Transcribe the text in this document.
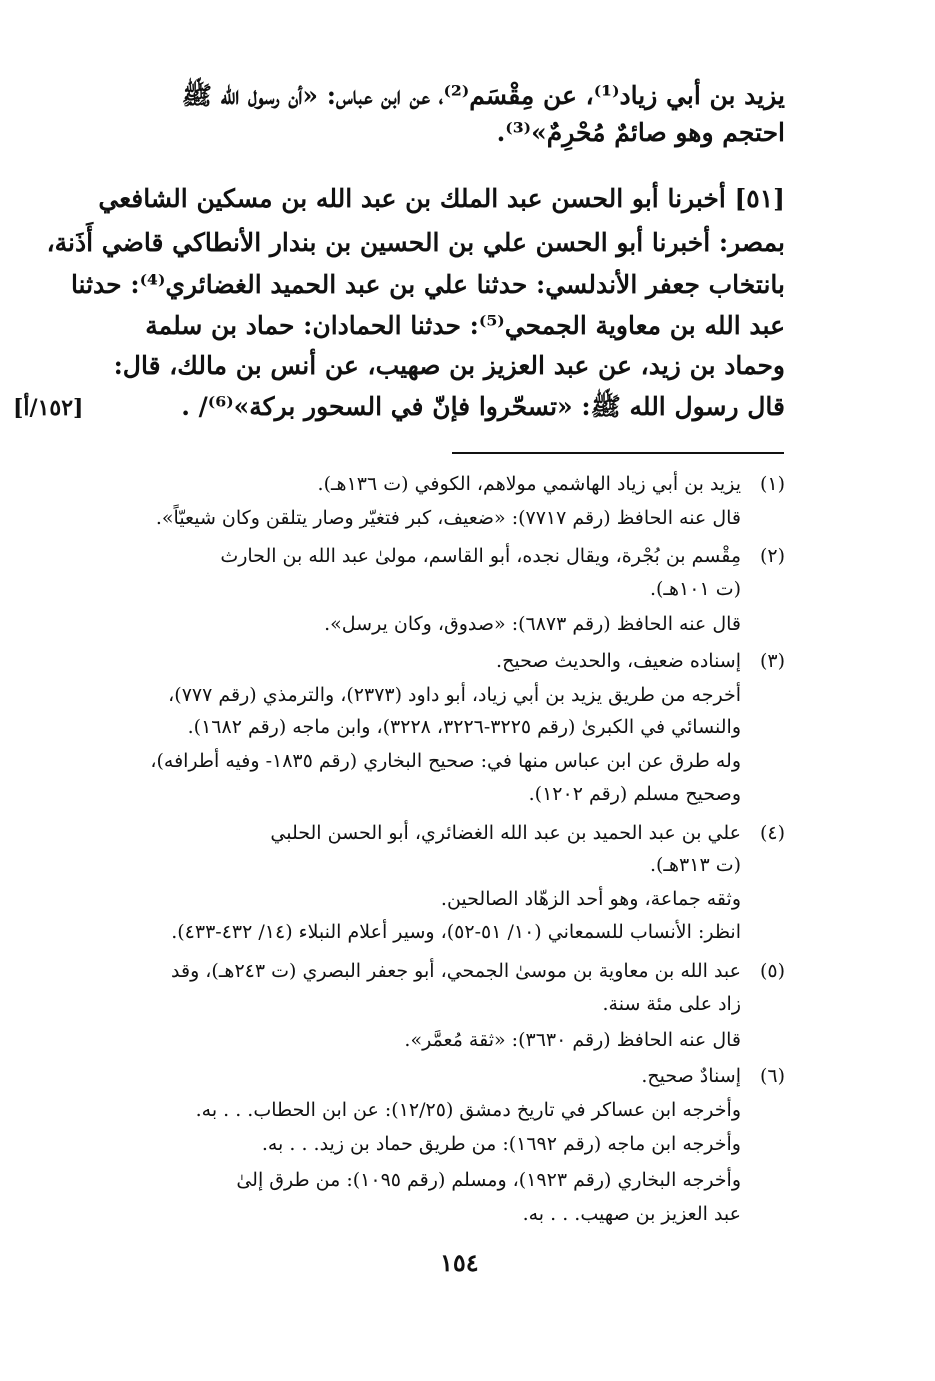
يزيد بن أبي زياد⁽¹⁾، عن مِقْسَم⁽²⁾، عن ابن عباس: «أن رسول الله ﷺ
احتجم وهو صائمٌ مُحْرِمٌ»⁽³⁾.
[٥١] أخبرنا أبو الحسن عبد الملك بن عبد الله بن مسكين الشافعي
بمصر: أخبرنا أبو الحسن علي بن الحسين بن بندار الأنطاكي قاضي أَذَنة،
بانتخاب جعفر الأندلسي: حدثنا علي بن عبد الحميد الغضائري⁽⁴⁾: حدثنا
عبد الله بن معاوية الجمحي⁽⁵⁾: حدثنا الحمادان: حماد بن سلمة
وحماد بن زيد، عن عبد العزيز بن صهيب، عن أنس بن مالك، قال:
قال رسول الله ﷺ: «تسحّروا فإنّ في السحور بركة»⁽⁶⁾/ .
[١٥٢/أ]
(١)
يزيد بن أبي زياد الهاشمي مولاهم، الكوفي (ت ١٣٦هـ).
قال عنه الحافظ (رقم ٧٧١٧): «ضعيف، كبر فتغيّر وصار يتلقن وكان شيعيّاً».
(٢)
مِقْسم بن بُجْرة، ويقال نجده، أبو القاسم، مولىٰ عبد الله بن الحارث
(ت ١٠١هـ).
قال عنه الحافظ (رقم ٦٨٧٣): «صدوق، وكان يرسل».
(٣)
إسناده ضعيف، والحديث صحيح.
أخرجه من طريق يزيد بن أبي زياد، أبو داود (٢٣٧٣)، والترمذي (رقم ٧٧٧)،
والنسائي في الكبرىٰ (رقم ٣٢٢٥-٣٢٢٦، ٣٢٢٨)، وابن ماجه (رقم ١٦٨٢).
وله طرق عن ابن عباس منها في: صحيح البخاري (رقم ١٨٣٥- وفيه أطرافه)،
وصحيح مسلم (رقم ١٢٠٢).
(٤)
علي بن عبد الحميد بن عبد الله الغضائري، أبو الحسن الحلبي
(ت ٣١٣هـ).
وثقه جماعة، وهو أحد الزهّاد الصالحين.
انظر: الأنساب للسمعاني (١٠/ ٥١-٥٢)، وسير أعلام النبلاء (١٤/ ٤٣٢-٤٣٣).
(٥)
عبد الله بن معاوية بن موسىٰ الجمحي، أبو جعفر البصري (ت ٢٤٣هـ)، وقد
زاد على مئة سنة.
قال عنه الحافظ (رقم ٣٦٣٠): «ثقة مُعمَّر».
(٦)
إسنادٌ صحيح.
وأخرجه ابن عساكر في تاريخ دمشق (١٢/٢٥): عن ابن الحطاب. . . به.
وأخرجه ابن ماجه (رقم ١٦٩٢): من طريق حماد بن زيد. . . به.
وأخرجه البخاري (رقم ١٩٢٣)، ومسلم (رقم ١٠٩٥): من طرق إلىٰ
عبد العزيز بن صهيب. . . به.
١٥٤
